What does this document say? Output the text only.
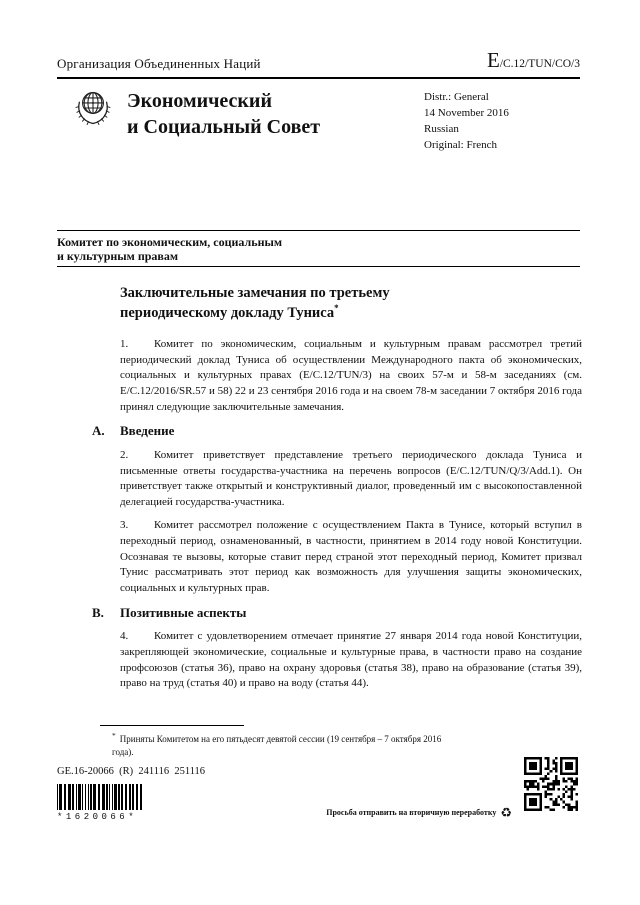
Организация Объединенных Наций	E/C.12/TUN/CO/3
Экономический
и Социальный Совет
Distr.: General
14 November 2016
Russian
Original: French
Комитет по экономическим, социальным
и культурным правам
Заключительные замечания по третьему
периодическому докладу Туниса*

1. Комитет по экономическим, социальным и культурным правам рассмотрел третий периодический доклад Туниса об осуществлении Международного пакта об экономических, социальных и культурных правах (E/C.12/TUN/3) на своих 57-м и 58-м заседаниях (см. E/C.12/2016/SR.57 и 58) 22 и 23 сентября 2016 года и на своем 78-м заседании 7 октября 2016 года принял следующие заключительные замечания.

A.	Введение

2. Комитет приветствует представление третьего периодического доклада Туниса и письменные ответы государства-участника на перечень вопросов (E/C.12/TUN/Q/3/Add.1). Он приветствует также открытый и конструктивный диалог, проведенный им с высокопоставленной делегацией государства-участника.

3. Комитет рассмотрел положение с осуществлением Пакта в Тунисе, который вступил в переходный период, ознаменованный, в частности, принятием в 2014 году новой Конституции. Осознавая те вызовы, которые ставит перед страной этот переходный период, Комитет призвал Тунис рассматривать этот период как возможность для улучшения защиты экономических, социальных и культурных прав.

B.	Позитивные аспекты

4. Комитет с удовлетворением отмечает принятие 27 января 2014 года новой Конституции, закрепляющей экономические, социальные и культурные права, в частности право на создание профсоюзов (статья 36), право на охрану здоровья (статья 38), право на образование (статья 39), право на труд (статья 40) и право на воду (статья 44).

* Приняты Комитетом на его пятьдесят девятой сессии (19 сентября – 7 октября 2016 года).
GE.16-20066  (R)  241116  251116
*1620066*	Просьба отправить на вторичную переработку ♻
